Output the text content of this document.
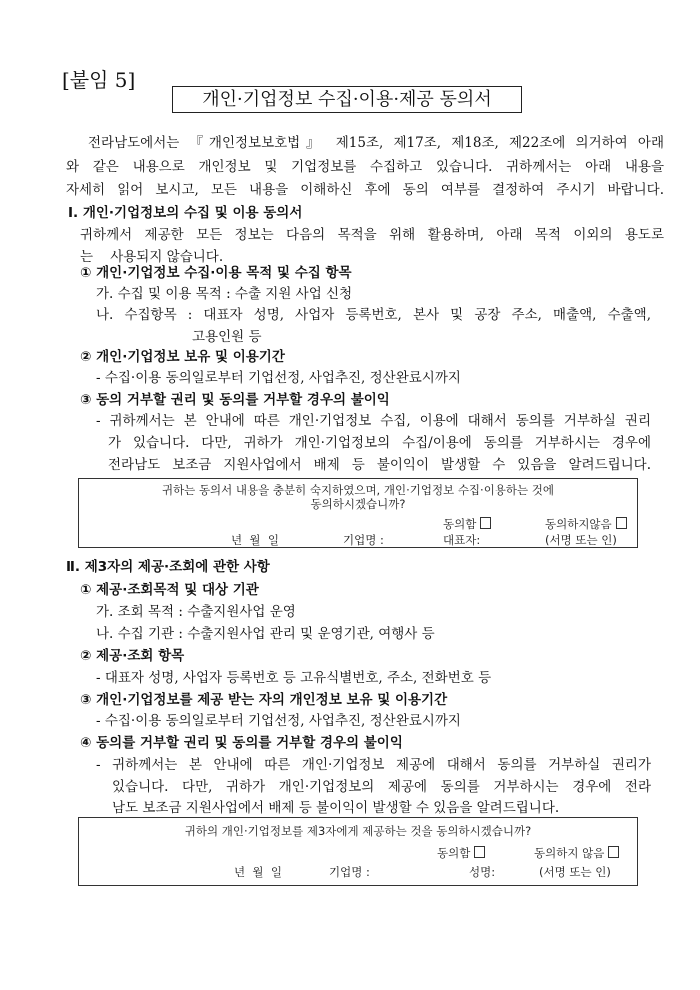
[붙임 5]
개인·기업정보 수집·이용·제공 동의서
전라남도에서는 『개인정보보호법』 제15조, 제17조, 제18조, 제22조에 의거하여 아래
와 같은 내용으로 개인정보 및 기업정보를 수집하고 있습니다. 귀하께서는 아래 내용을
자세히 읽어 보시고, 모든 내용을 이해하신 후에 동의 여부를 결정하여 주시기 바랍니다.
Ⅰ. 개인·기업정보의 수집 및 이용 동의서
귀하께서 제공한 모든 정보는 다음의 목적을 위해 활용하며, 아래 목적 이외의 용도로
는    사용되지 않습니다.
① 개인·기업정보 수집·이용 목적 및 수집 항목
가. 수집 및 이용 목적 : 수출 지원 사업 신청
나. 수집항목 : 대표자 성명, 사업자 등록번호, 본사 및 공장 주소, 매출액, 수출액,
고용인원 등
② 개인·기업정보 보유 및 이용기간
- 수집·이용 동의일로부터 기업선정, 사업추진, 정산완료시까지
③ 동의 거부할 권리 및 동의를 거부할 경우의 불이익
- 귀하께서는 본 안내에 따른 개인·기업정보 수집, 이용에 대해서 동의를 거부하실 권리
가 있습니다. 다만, 귀하가 개인·기업정보의 수집/이용에 동의를 거부하시는 경우에
전라남도 보조금 지원사업에서 배제 등 불이익이 발생할 수 있음을 알려드립니다.
귀하는 동의서 내용을 충분히 숙지하였으며, 개인·기업정보 수집·이용하는 것에
동의하시겠습니까?
동의함	동의하지않음
년  월  일	기업명 :	대표자:	(서명 또는 인)
Ⅱ. 제3자의 제공·조회에 관한 사항
① 제공·조회목적 및 대상 기관
가. 조회 목적 : 수출지원사업 운영
나. 수집 기관 : 수출지원사업 관리 및 운영기관, 여행사 등
② 제공·조회 항목
- 대표자 성명, 사업자 등록번호 등 고유식별번호, 주소, 전화번호 등
③ 개인·기업정보를 제공 받는 자의 개인정보 보유 및 이용기간
- 수집·이용 동의일로부터 기업선정, 사업추진, 정산완료시까지
④ 동의를 거부할 권리 및 동의를 거부할 경우의 불이익
- 귀하께서는 본 안내에 따른 개인·기업정보 제공에 대해서 동의를 거부하실 권리가
있습니다. 다만, 귀하가 개인·기업정보의 제공에 동의를 거부하시는 경우에 전라
남도 보조금 지원사업에서 배제 등 불이익이 발생할 수 있음을 알려드립니다.
귀하의 개인·기업정보를 제3자에게 제공하는 것을 동의하시겠습니까?
동의함	동의하지 않음
년  월  일	기업명 :	성명:	(서명 또는 인)
